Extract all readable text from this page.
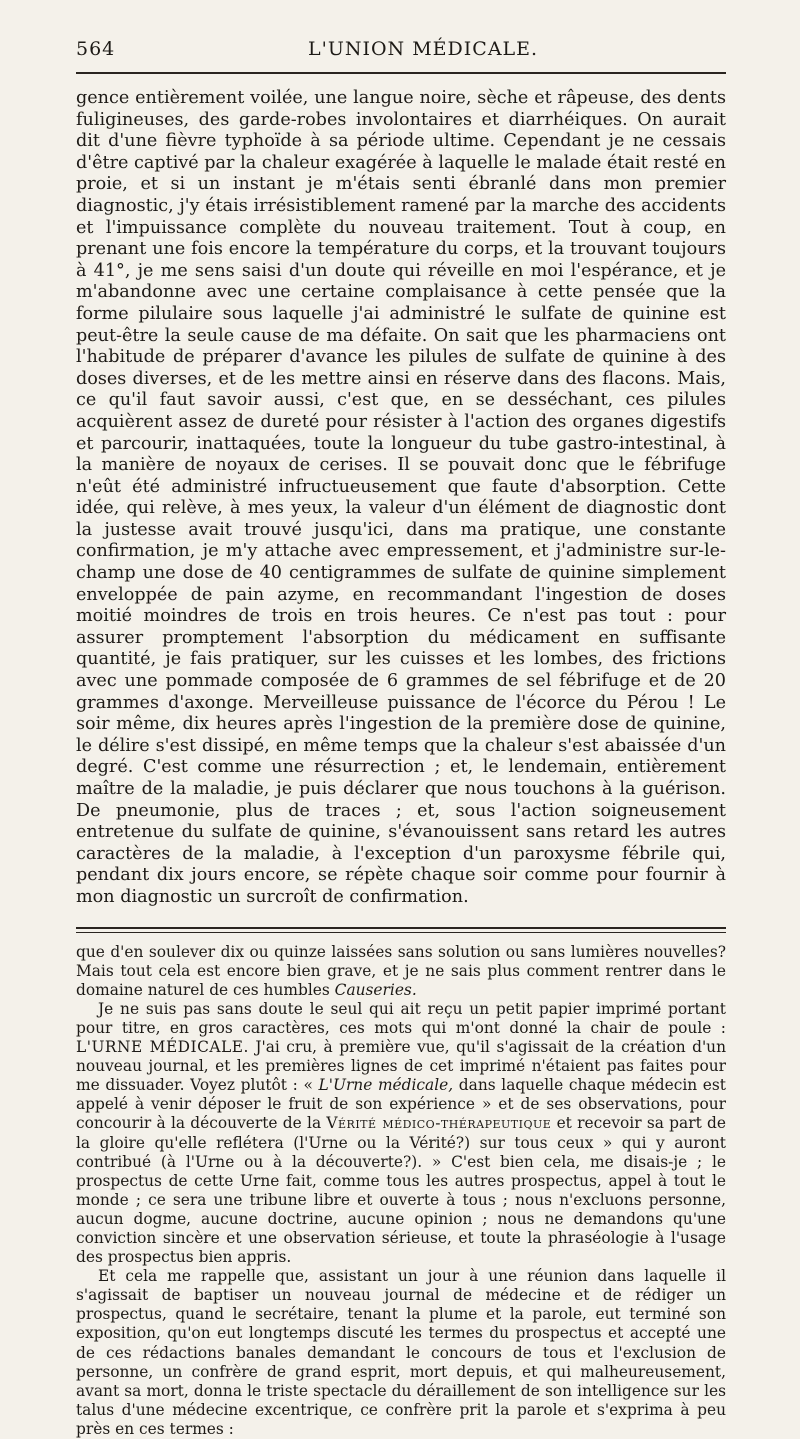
564	L'UNION MÉDICALE.

gence entièrement voilée, une langue noire, sèche et râpeuse, des dents fuligineuses, des garde-robes involontaires et diarrhéiques. On aurait dit d'une fièvre typhoïde à sa période ultime. Cependant je ne cessais d'être captivé par la chaleur exagérée à laquelle le malade était resté en proie, et si un instant je m'étais senti ébranlé dans mon premier diagnostic, j'y étais irrésistiblement ramené par la marche des accidents et l'impuissance complète du nouveau traitement. Tout à coup, en prenant une fois encore la température du corps, et la trouvant toujours à 41°, je me sens saisi d'un doute qui réveille en moi l'espérance, et je m'abandonne avec une certaine complaisance à cette pensée que la forme pilulaire sous laquelle j'ai administré le sulfate de quinine est peut-être la seule cause de ma défaite. On sait que les pharmaciens ont l'habitude de préparer d'avance les pilules de sulfate de quinine à des doses diverses, et de les mettre ainsi en réserve dans des flacons. Mais, ce qu'il faut savoir aussi, c'est que, en se desséchant, ces pilules acquièrent assez de dureté pour résister à l'action des organes digestifs et parcourir, inattaquées, toute la longueur du tube gastro-intestinal, à la manière de noyaux de cerises. Il se pouvait donc que le fébrifuge n'eût été administré infructueusement que faute d'absorption. Cette idée, qui relève, à mes yeux, la valeur d'un élément de diagnostic dont la justesse avait trouvé jusqu'ici, dans ma pratique, une constante confirmation, je m'y attache avec empressement, et j'administre sur-le-champ une dose de 40 centigrammes de sulfate de quinine simplement enveloppée de pain azyme, en recommandant l'ingestion de doses moitié moindres de trois en trois heures. Ce n'est pas tout : pour assurer promptement l'absorption du médicament en suffisante quantité, je fais pratiquer, sur les cuisses et les lombes, des frictions avec une pommade composée de 6 grammes de sel fébrifuge et de 20 grammes d'axonge. Merveilleuse puissance de l'écorce du Pérou ! Le soir même, dix heures après l'ingestion de la première dose de quinine, le délire s'est dissipé, en même temps que la chaleur s'est abaissée d'un degré. C'est comme une résurrection ; et, le lendemain, entièrement maître de la maladie, je puis déclarer que nous touchons à la guérison. De pneumonie, plus de traces ; et, sous l'action soigneusement entretenue du sulfate de quinine, s'évanouissent sans retard les autres caractères de la maladie, à l'exception d'un paroxysme fébrile qui, pendant dix jours encore, se répète chaque soir comme pour fournir à mon diagnostic un surcroît de confirmation.

que d'en soulever dix ou quinze laissées sans solution ou sans lumières nouvelles? Mais tout cela est encore bien grave, et je ne sais plus comment rentrer dans le domaine naturel de ces humbles Causeries.

Je ne suis pas sans doute le seul qui ait reçu un petit papier imprimé portant pour titre, en gros caractères, ces mots qui m'ont donné la chair de poule : L'URNE MÉDICALE. J'ai cru, à première vue, qu'il s'agissait de la création d'un nouveau journal, et les premières lignes de cet imprimé n'étaient pas faites pour me dissuader. Voyez plutôt : « L'Urne médicale, dans laquelle chaque médecin est appelé à venir déposer le fruit de son expérience » et de ses observations, pour concourir à la découverte de la Vérité médico-thérapeutique et recevoir sa part de la gloire qu'elle reflétera (l'Urne ou la Vérité?) sur tous ceux » qui y auront contribué (à l'Urne ou à la découverte?). » C'est bien cela, me disais-je ; le prospectus de cette Urne fait, comme tous les autres prospectus, appel à tout le monde ; ce sera une tribune libre et ouverte à tous ; nous n'excluons personne, aucun dogme, aucune doctrine, aucune opinion ; nous ne demandons qu'une conviction sincère et une observation sérieuse, et toute la phraséologie à l'usage des prospectus bien appris.

Et cela me rappelle que, assistant un jour à une réunion dans laquelle il s'agissait de baptiser un nouveau journal de médecine et de rédiger un prospectus, quand le secrétaire, tenant la plume et la parole, eut terminé son exposition, qu'on eut longtemps discuté les termes du prospectus et accepté une de ces rédactions banales demandant le concours de tous et l'exclusion de personne, un confrère de grand esprit, mort depuis, et qui malheureusement, avant sa mort, donna le triste spectacle du déraillement de son intelligence sur les talus d'une médecine excentrique, ce confrère prit la parole et s'exprima à peu près en ces termes :
